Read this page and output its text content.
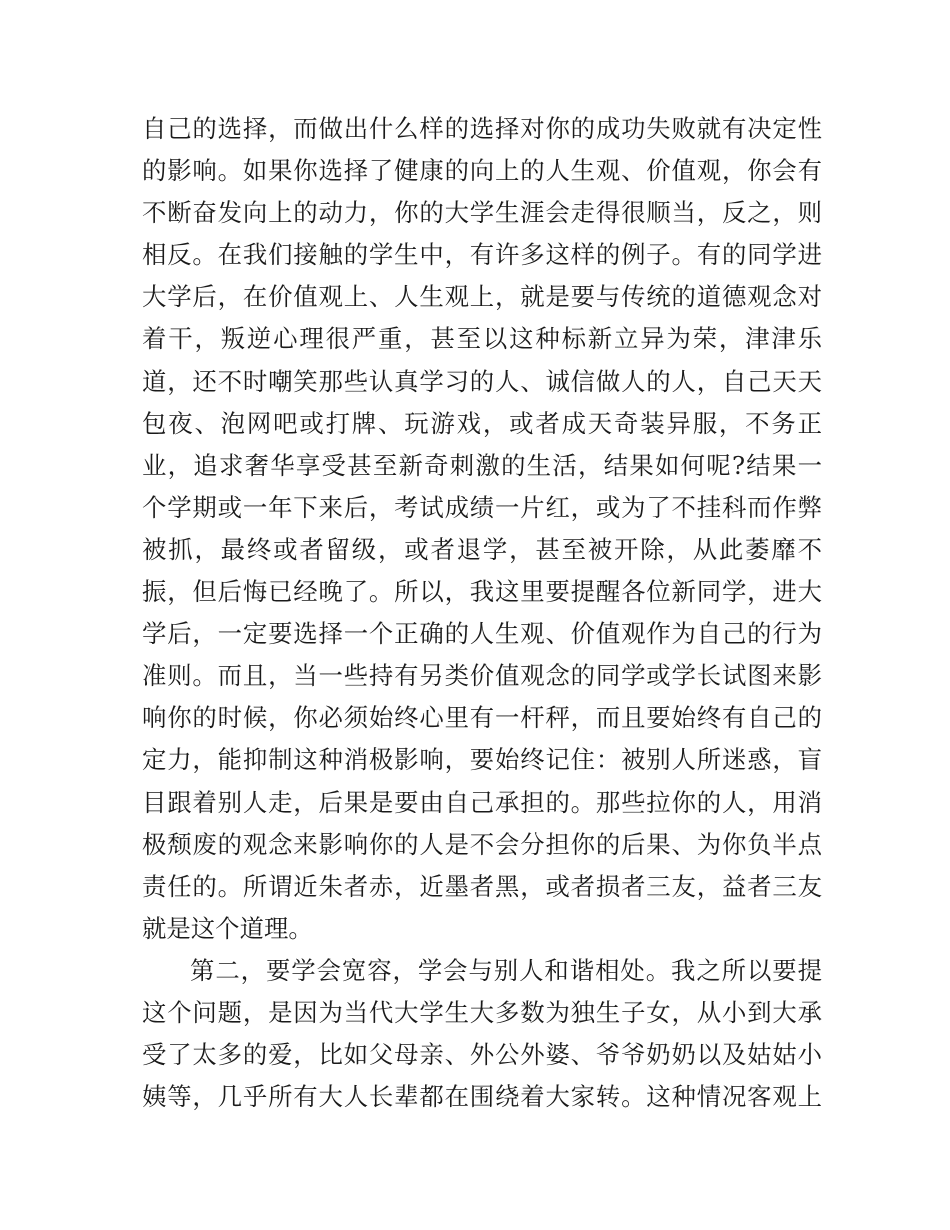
自己的选择，而做出什么样的选择对你的成功失败就有决定性
的影响。如果你选择了健康的向上的人生观、价值观，你会有
不断奋发向上的动力，你的大学生涯会走得很顺当，反之，则
相反。在我们接触的学生中，有许多这样的例子。有的同学进
大学后，在价值观上、人生观上，就是要与传统的道德观念对
着干，叛逆心理很严重，甚至以这种标新立异为荣，津津乐
道，还不时嘲笑那些认真学习的人、诚信做人的人，自己天天
包夜、泡网吧或打牌、玩游戏，或者成天奇装异服，不务正
业，追求奢华享受甚至新奇刺激的生活，结果如何呢?结果一
个学期或一年下来后，考试成绩一片红，或为了不挂科而作弊
被抓，最终或者留级，或者退学，甚至被开除，从此萎靡不
振，但后悔已经晚了。所以，我这里要提醒各位新同学，进大
学后，一定要选择一个正确的人生观、价值观作为自己的行为
准则。而且，当一些持有另类价值观念的同学或学长试图来影
响你的时候，你必须始终心里有一杆秤，而且要始终有自己的
定力，能抑制这种消极影响，要始终记住：被别人所迷惑，盲
目跟着别人走，后果是要由自己承担的。那些拉你的人，用消
极颓废的观念来影响你的人是不会分担你的后果、为你负半点
责任的。所谓近朱者赤，近墨者黑，或者损者三友，益者三友
就是这个道理。
第二，要学会宽容，学会与别人和谐相处。我之所以要提
这个问题，是因为当代大学生大多数为独生子女，从小到大承
受了太多的爱，比如父母亲、外公外婆、爷爷奶奶以及姑姑小
姨等，几乎所有大人长辈都在围绕着大家转。这种情况客观上
